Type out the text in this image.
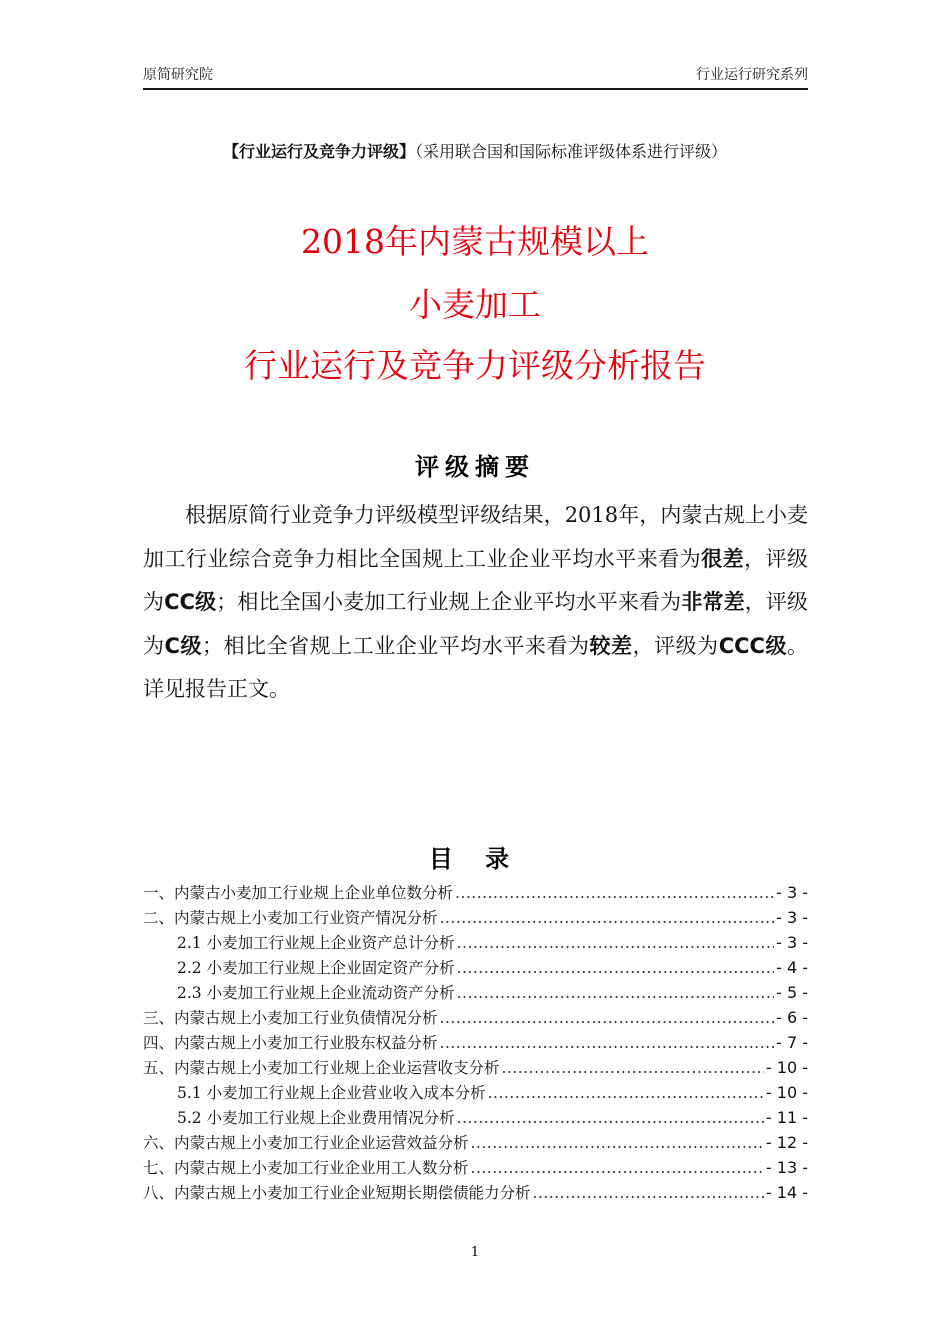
原简研究院	行业运行研究系列
【行业运行及竞争力评级】（采用联合国和国际标准评级体系进行评级）
2018年内蒙古规模以上
小麦加工
行业运行及竞争力评级分析报告
评级摘要

根据原简行业竞争力评级模型评级结果，2018年，内蒙古规上小麦加工行业综合竞争力相比全国规上工业企业平均水平来看为很差，评级为CC级；相比全国小麦加工行业规上企业平均水平来看为非常差，评级为C级；相比全省规上工业企业平均水平来看为较差，评级为CCC级。详见报告正文。

目 录
一、内蒙古小麦加工行业规上企业单位数分析 .....	- 3 -
二、内蒙古规上小麦加工行业资产情况分析 .....	- 3 -
2.1 小麦加工行业规上企业资产总计分析 .....	- 3 -
2.2 小麦加工行业规上企业固定资产分析 .....	- 4 -
2.3 小麦加工行业规上企业流动资产分析 .....	- 5 -
三、内蒙古规上小麦加工行业负债情况分析 .....	- 6 -
四、内蒙古规上小麦加工行业股东权益分析 .....	- 7 -
五、内蒙古规上小麦加工行业规上企业运营收支分析 .....	- 10 -
5.1 小麦加工行业规上企业营业收入成本分析 .....	- 10 -
5.2 小麦加工行业规上企业费用情况分析 .....	- 11 -
六、内蒙古规上小麦加工行业企业运营效益分析 .....	- 12 -
七、内蒙古规上小麦加工行业企业用工人数分析 .....	- 13 -
八、内蒙古规上小麦加工行业企业短期长期偿债能力分析 .....	- 14 -
1
